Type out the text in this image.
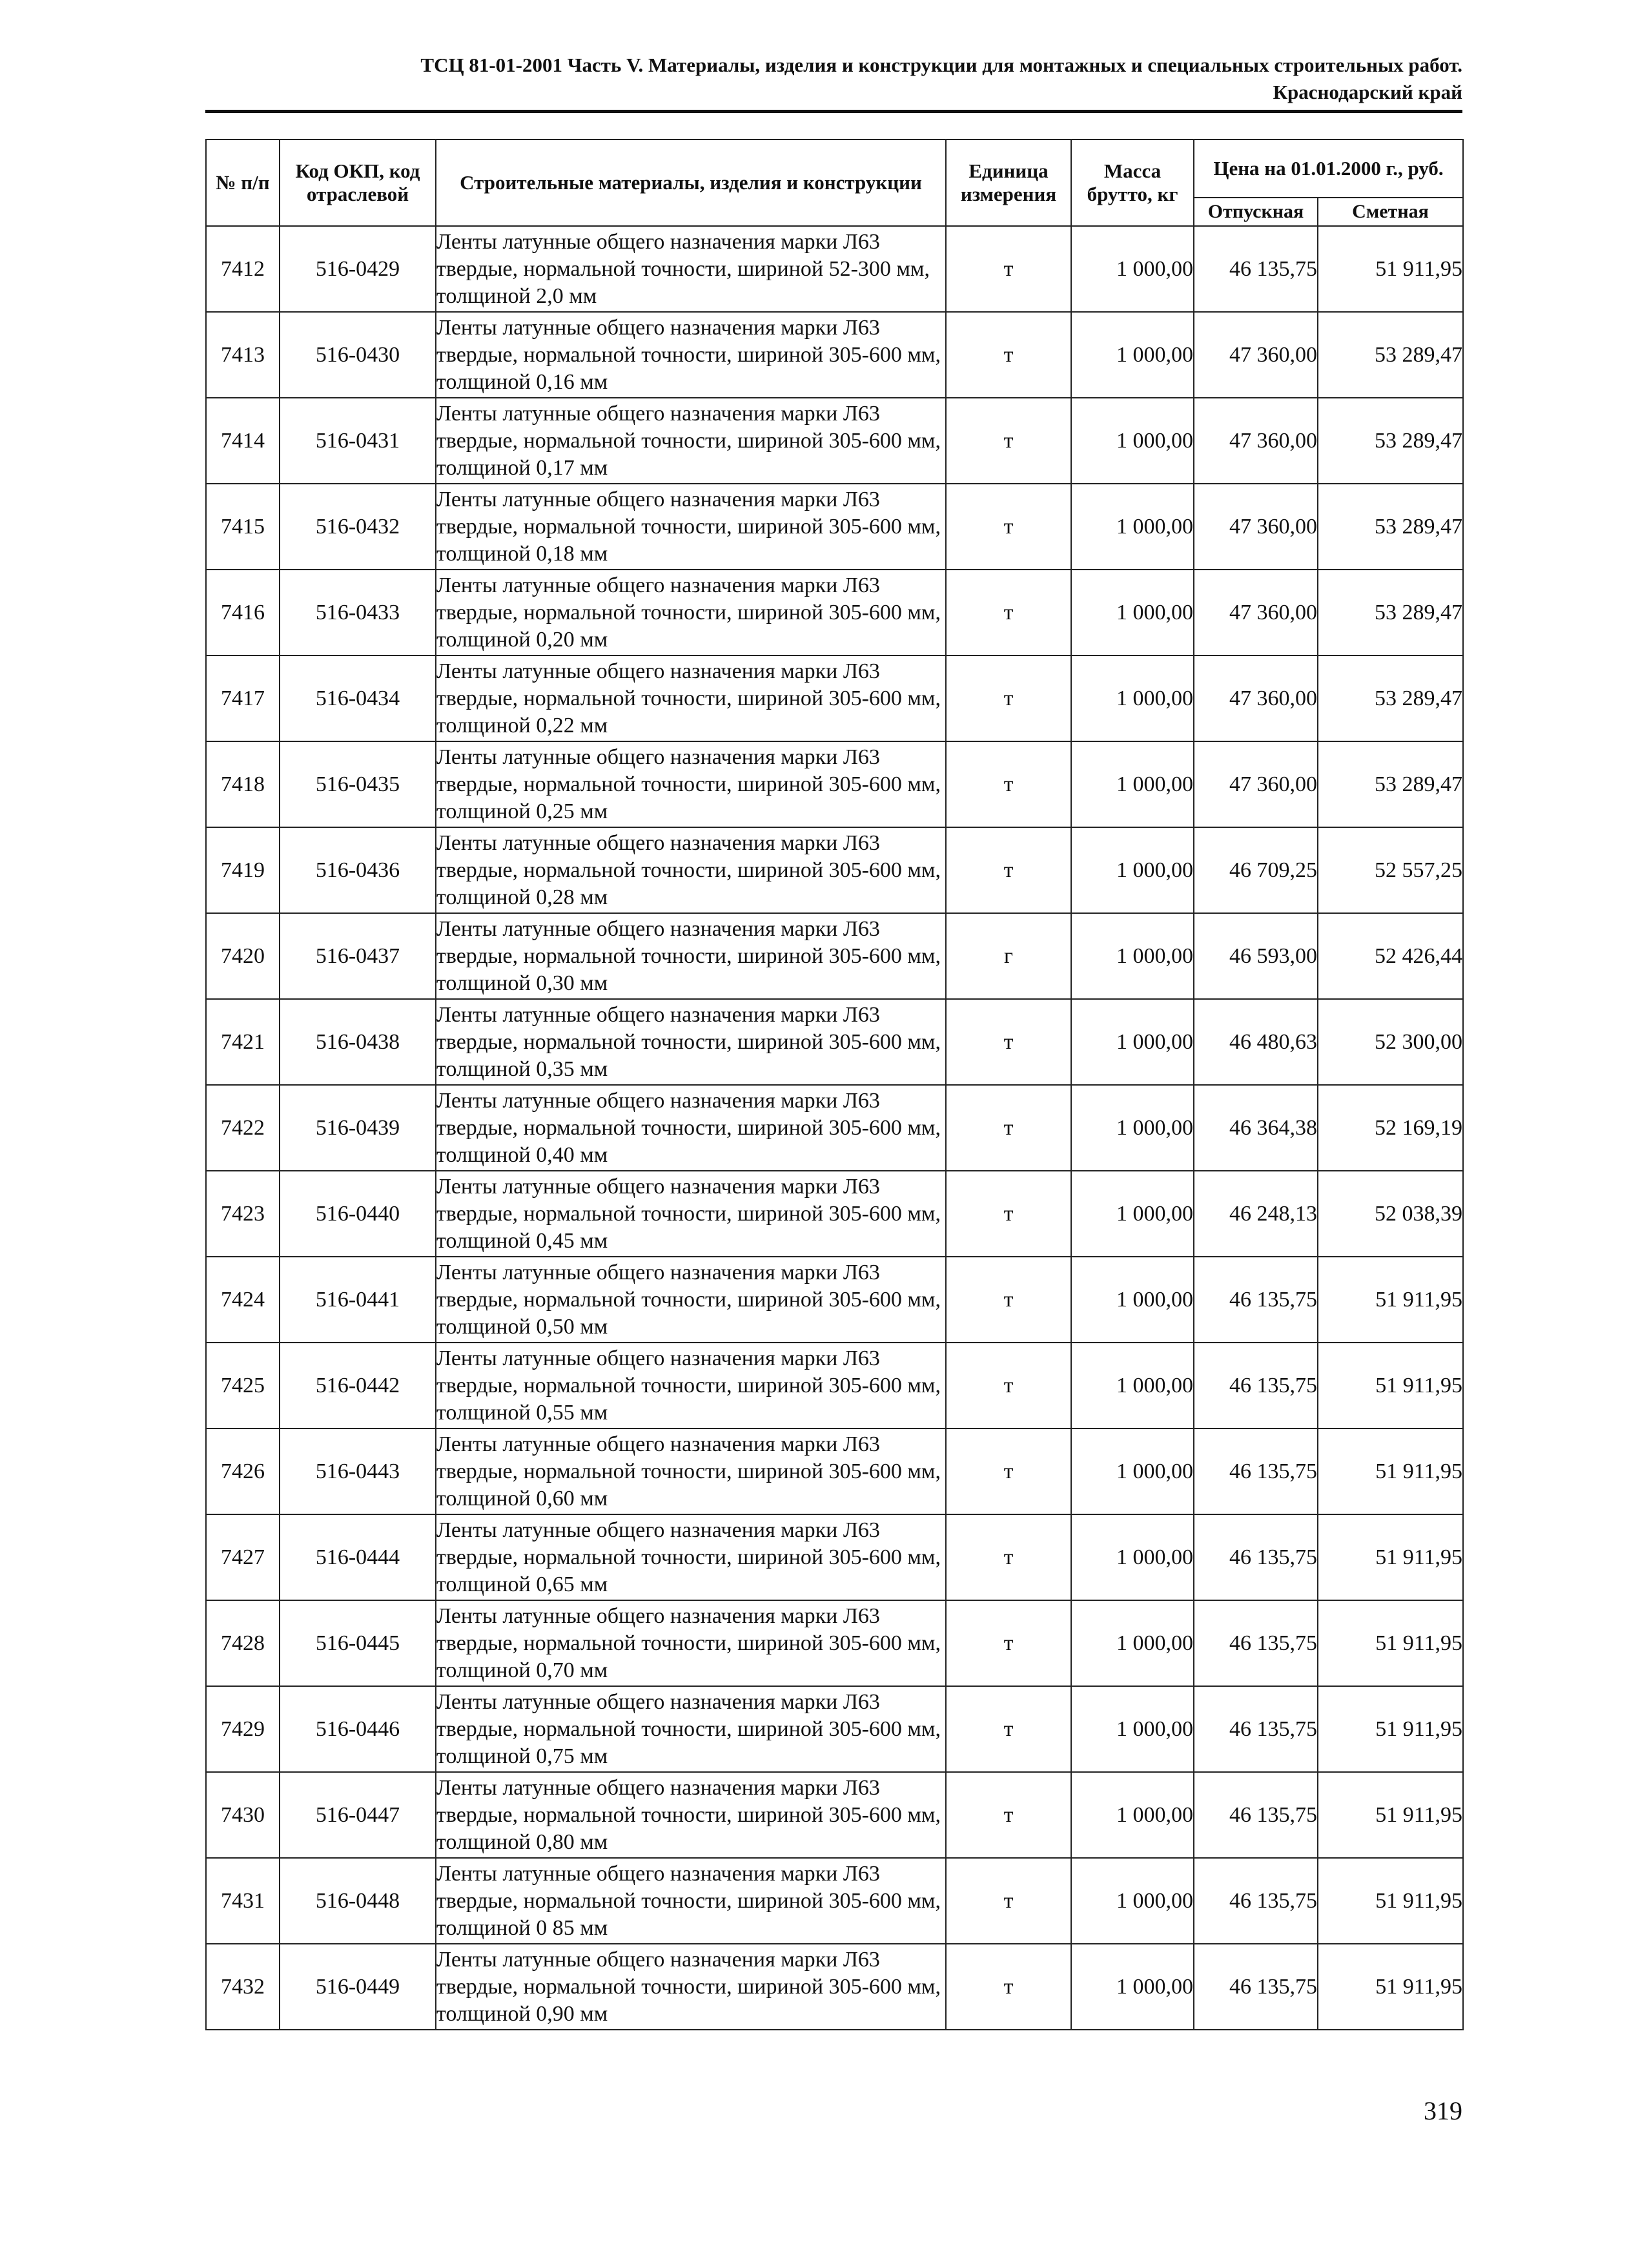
ТСЦ 81-01-2001 Часть V. Материалы, изделия и конструкции для монтажных и специальных строительных работ.
Краснодарский край
№ п/п	Код ОКП, код отраслевой	Строительные материалы, изделия и конструкции	Единица измерения	Масса брутто, кг	Цена на 01.01.2000 г., руб.	
					Отпускная	Сметная
7412	516-0429	Ленты латунные общего назначения марки Л63 твердые, нормальной точности, шириной 52-300 мм, толщиной 2,0 мм	т	1 000,00	46 135,75	51 911,95
7413	516-0430	Ленты латунные общего назначения марки Л63 твердые, нормальной точности, шириной 305-600 мм, толщиной 0,16 мм	т	1 000,00	47 360,00	53 289,47
7414	516-0431	Ленты латунные общего назначения марки Л63 твердые, нормальной точности, шириной 305-600 мм, толщиной 0,17 мм	т	1 000,00	47 360,00	53 289,47
7415	516-0432	Ленты латунные общего назначения марки Л63 твердые, нормальной точности, шириной 305-600 мм, толщиной 0,18 мм	т	1 000,00	47 360,00	53 289,47
7416	516-0433	Ленты латунные общего назначения марки Л63 твердые, нормальной точности, шириной 305-600 мм, толщиной 0,20 мм	т	1 000,00	47 360,00	53 289,47
7417	516-0434	Ленты латунные общего назначения марки Л63 твердые, нормальной точности, шириной 305-600 мм, толщиной 0,22 мм	т	1 000,00	47 360,00	53 289,47
7418	516-0435	Ленты латунные общего назначения марки Л63 твердые, нормальной точности, шириной 305-600 мм, толщиной 0,25 мм	т	1 000,00	47 360,00	53 289,47
7419	516-0436	Ленты латунные общего назначения марки Л63 твердые, нормальной точности, шириной 305-600 мм, толщиной 0,28 мм	т	1 000,00	46 709,25	52 557,25
7420	516-0437	Ленты латунные общего назначения марки Л63 твердые, нормальной точности, шириной 305-600 мм, толщиной 0,30 мм	г	1 000,00	46 593,00	52 426,44
7421	516-0438	Ленты латунные общего назначения марки Л63 твердые, нормальной точности, шириной 305-600 мм, толщиной 0,35 мм	т	1 000,00	46 480,63	52 300,00
7422	516-0439	Ленты латунные общего назначения марки Л63 твердые, нормальной точности, шириной 305-600 мм, толщиной 0,40 мм	т	1 000,00	46 364,38	52 169,19
7423	516-0440	Ленты латунные общего назначения марки Л63 твердые, нормальной точности, шириной 305-600 мм, толщиной 0,45 мм	т	1 000,00	46 248,13	52 038,39
7424	516-0441	Ленты латунные общего назначения марки Л63 твердые, нормальной точности, шириной 305-600 мм, толщиной 0,50 мм	т	1 000,00	46 135,75	51 911,95
7425	516-0442	Ленты латунные общего назначения марки Л63 твердые, нормальной точности, шириной 305-600 мм, толщиной 0,55 мм	т	1 000,00	46 135,75	51 911,95
7426	516-0443	Ленты латунные общего назначения марки Л63 твердые, нормальной точности, шириной 305-600 мм, толщиной 0,60 мм	т	1 000,00	46 135,75	51 911,95
7427	516-0444	Ленты латунные общего назначения марки Л63 твердые, нормальной точности, шириной 305-600 мм, толщиной 0,65 мм	т	1 000,00	46 135,75	51 911,95
7428	516-0445	Ленты латунные общего назначения марки Л63 твердые, нормальной точности, шириной 305-600 мм, толщиной 0,70 мм	т	1 000,00	46 135,75	51 911,95
7429	516-0446	Ленты латунные общего назначения марки Л63 твердые, нормальной точности, шириной 305-600 мм, толщиной 0,75 мм	т	1 000,00	46 135,75	51 911,95
7430	516-0447	Ленты латунные общего назначения марки Л63 твердые, нормальной точности, шириной 305-600 мм, толщиной 0,80 мм	т	1 000,00	46 135,75	51 911,95
7431	516-0448	Ленты латунные общего назначения марки Л63 твердые, нормальной точности, шириной 305-600 мм, толщиной 0 85 мм	т	1 000,00	46 135,75	51 911,95
7432	516-0449	Ленты латунные общего назначения марки Л63 твердые, нормальной точности, шириной 305-600 мм, толщиной 0,90 мм	т	1 000,00	46 135,75	51 911,95
319
